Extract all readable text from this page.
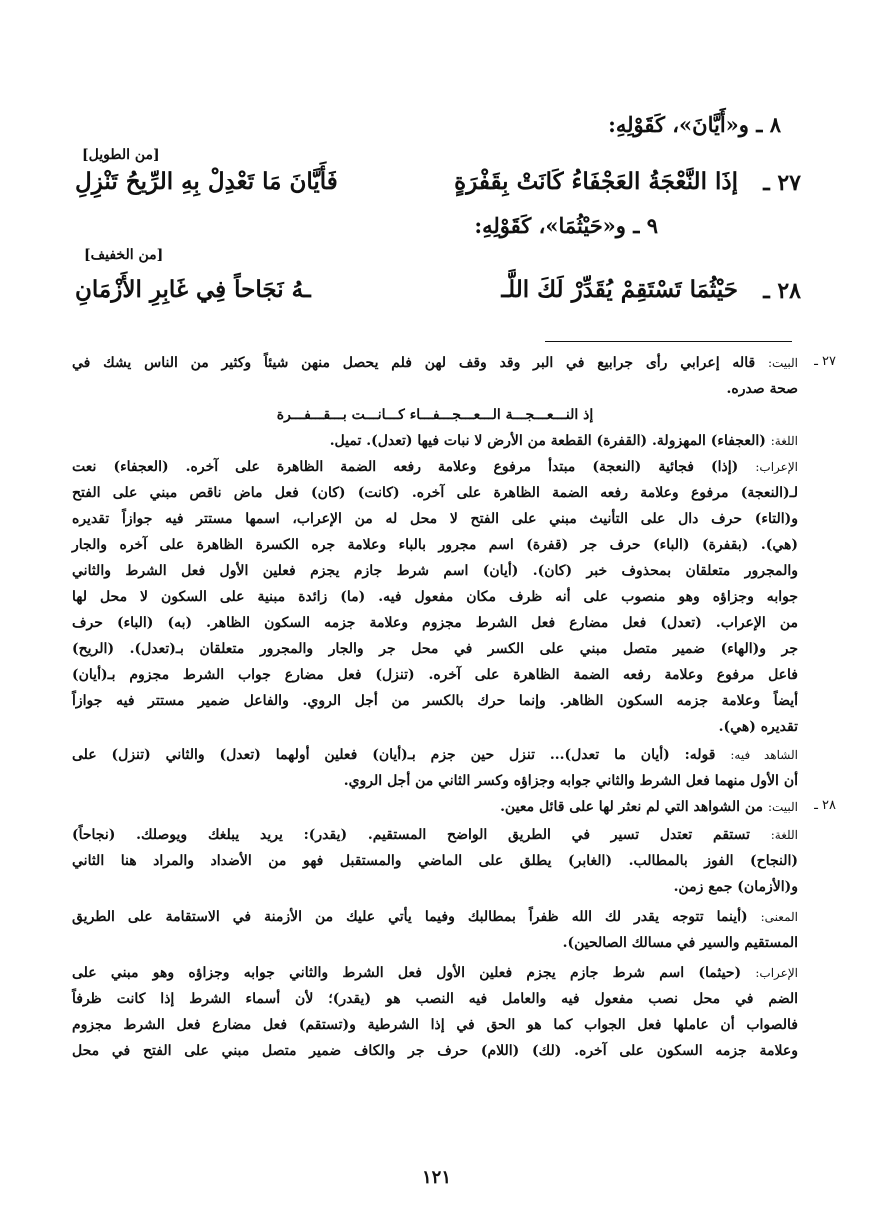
٨ ـ و«أَيَّانَ»، كَقَوْلِهِ:
[من الطويل]
٢٧ ـ
إذَا النَّعْجَةُ العَجْفَاءُ كَانَتْ بِقَفْرَةٍ
فَأَيَّانَ مَا تَعْدِلْ بِهِ الرِّيحُ تَنْزِلِ
٩ ـ و«حَيْثُمَا»، كَقَوْلِهِ:
[من الخفيف]
٢٨ ـ
حَيْثُمَا تَسْتَقِمْ يُقَدِّرْ لَكَ اللَّـ
ـهُ نَجَاحاً فِي غَابِرِ الأَزْمَانِ
٢٧ ـ
البيت: قاله إعرابي رأى جرابيع في البر وقد وقف لهن فلم يحصل منهن شيئاً وكثير من الناس يشك في
صحة صدره.
إذ النـــعـــجـــة الـــعـــجـــفـــاء كـــانـــت بـــقـــفـــرة
اللغة: (العجفاء) المهزولة. (القفرة) القطعة من الأرض لا نبات فيها (تعدل). تميل.
الإعراب: (إذا) فجائية (النعجة) مبتدأ مرفوع وعلامة رفعه الضمة الظاهرة على آخره. (العجفاء) نعت
لـ(النعجة) مرفوع وعلامة رفعه الضمة الظاهرة على آخره. (كانت) (كان) فعل ماض ناقص مبني على الفتح
و(التاء) حرف دال على التأنيث مبني على الفتح لا محل له من الإعراب، اسمها مستتر فيه جوازاً تقديره
(هي). (بقفرة) (الباء) حرف جر (قفرة) اسم مجرور بالباء وعلامة جره الكسرة الظاهرة على آخره والجار
والمجرور متعلقان بمحذوف خبر (كان). (أيان) اسم شرط جازم يجزم فعلين الأول فعل الشرط والثاني
جوابه وجزاؤه وهو منصوب على أنه ظرف مكان مفعول فيه. (ما) زائدة مبنية على السكون لا محل لها
من الإعراب. (تعدل) فعل مضارع فعل الشرط مجزوم وعلامة جزمه السكون الظاهر. (به) (الباء) حرف
جر و(الهاء) ضمير متصل مبني على الكسر في محل جر والجار والمجرور متعلقان بـ(تعدل). (الريح)
فاعل مرفوع وعلامة رفعه الضمة الظاهرة على آخره. (تنزل) فعل مضارع جواب الشرط مجزوم بـ(أيان)
أيضاً وعلامة جزمه السكون الظاهر. وإنما حرك بالكسر من أجل الروي. والفاعل ضمير مستتر فيه جوازاً
تقديره (هي).
الشاهد فيه: قوله: (أيان ما تعدل)... تنزل حين جزم بـ(أيان) فعلين أولهما (تعدل) والثاني (تنزل) على
أن الأول منهما فعل الشرط والثاني جوابه وجزاؤه وكسر الثاني من أجل الروي.
٢٨ ـ
البيت: من الشواهد التي لم نعثر لها على قائل معين.
اللغة: تستقم تعتدل تسير في الطريق الواضح المستقيم. (يقدر): يريد يبلغك ويوصلك. (نجاحاً)
(النجاح) الفوز بالمطالب. (الغابر) يطلق على الماضي والمستقبل فهو من الأضداد والمراد هنا الثاني
و(الأزمان) جمع زمن.
المعنى: (أينما تتوجه يقدر لك الله ظفراً بمطالبك وفيما يأتي عليك من الأزمنة في الاستقامة على الطريق
المستقيم والسير في مسالك الصالحين).
الإعراب: (حيثما) اسم شرط جازم يجزم فعلين الأول فعل الشرط والثاني جوابه وجزاؤه وهو مبني على
الضم في محل نصب مفعول فيه والعامل فيه النصب هو (يقدر)؛ لأن أسماء الشرط إذا كانت ظرفاً
فالصواب أن عاملها فعل الجواب كما هو الحق في إذا الشرطية و(تستقم) فعل مضارع فعل الشرط مجزوم
وعلامة جزمه السكون على آخره. (لك) (اللام) حرف جر والكاف ضمير متصل مبني على الفتح في محل
١٢١
